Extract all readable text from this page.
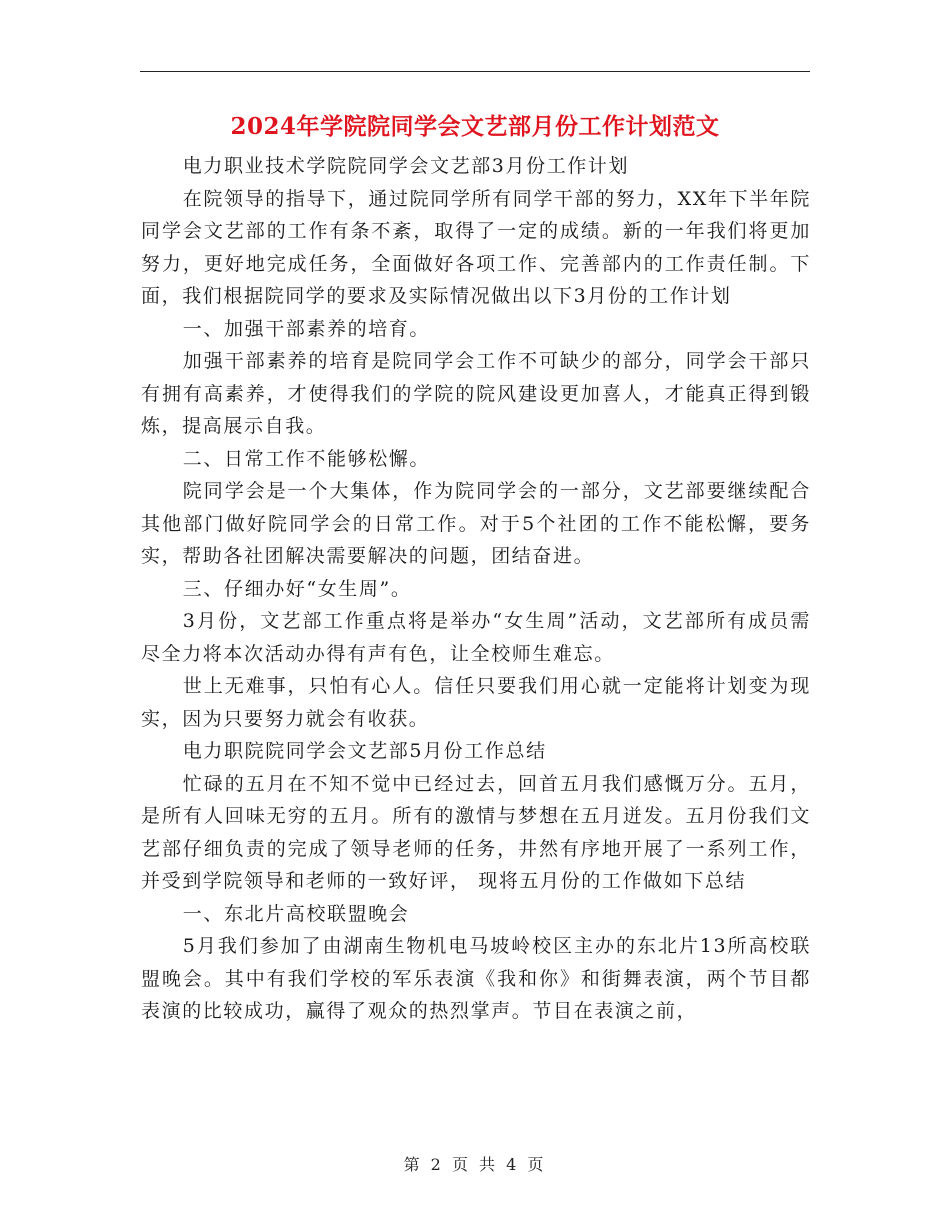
2024年学院院同学会文艺部月份工作计划范文

电力职业技术学院院同学会文艺部3月份工作计划

在院领导的指导下，通过院同学所有同学干部的努力，XX年下半年院同学会文艺部的工作有条不紊，取得了一定的成绩。新的一年我们将更加努力，更好地完成任务，全面做好各项工作、完善部内的工作责任制。下面，我们根据院同学的要求及实际情况做出以下3月份的工作计划

一、加强干部素养的培育。

加强干部素养的培育是院同学会工作不可缺少的部分，同学会干部只有拥有高素养，才使得我们的学院的院风建设更加喜人，才能真正得到锻炼，提高展示自我。

二、日常工作不能够松懈。

院同学会是一个大集体，作为院同学会的一部分，文艺部要继续配合其他部门做好院同学会的日常工作。对于5个社团的工作不能松懈，要务实，帮助各社团解决需要解决的问题，团结奋进。

三、仔细办好“女生周”。

3月份，文艺部工作重点将是举办“女生周”活动，文艺部所有成员需尽全力将本次活动办得有声有色，让全校师生难忘。

世上无难事，只怕有心人。信任只要我们用心就一定能将计划变为现实，因为只要努力就会有收获。

电力职院院同学会文艺部5月份工作总结

忙碌的五月在不知不觉中已经过去，回首五月我们感慨万分。五月，是所有人回味无穷的五月。所有的激情与梦想在五月迸发。五月份我们文艺部仔细负责的完成了领导老师的任务，井然有序地开展了一系列工作，并受到学院领导和老师的一致好评， 现将五月份的工作做如下总结

一、东北片高校联盟晚会

5月我们参加了由湖南生物机电马坡岭校区主办的东北片13所高校联盟晚会。其中有我们学校的军乐表演《我和你》和街舞表演，两个节目都表演的比较成功，赢得了观众的热烈掌声。节目在表演之前，

第 2 页 共 4 页
